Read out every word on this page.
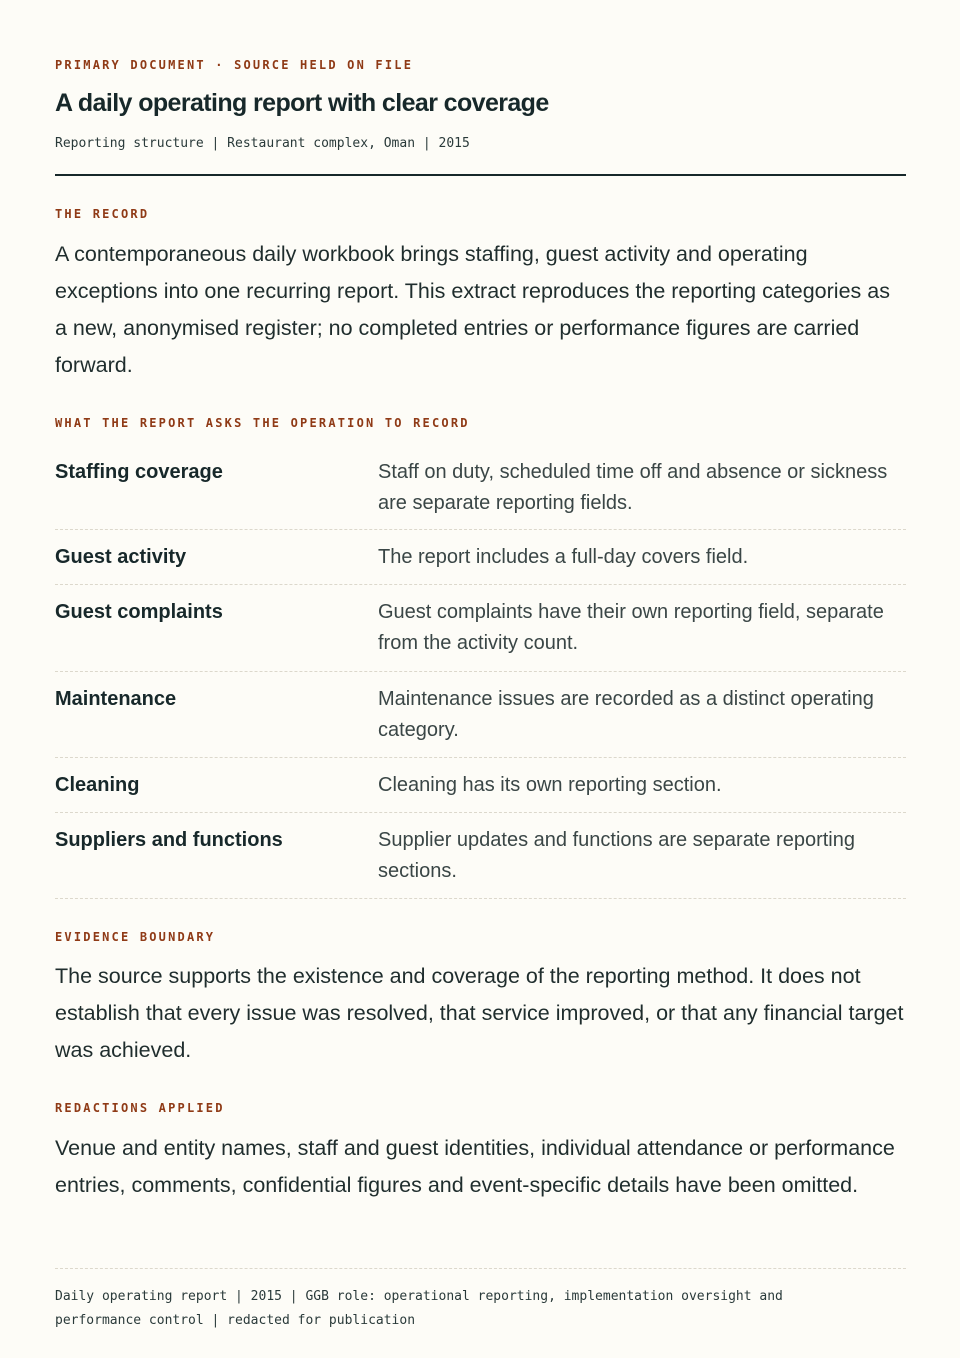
PRIMARY DOCUMENT · SOURCE HELD ON FILE

A daily operating report with clear coverage

Reporting structure | Restaurant complex, Oman | 2015

THE RECORD

A contemporaneous daily workbook brings staffing, guest activity and operating exceptions into one recurring report. This extract reproduces the reporting categories as a new, anonymised register; no completed entries or performance figures are carried forward.

WHAT THE REPORT ASKS THE OPERATION TO RECORD

Staffing coverage	Staff on duty, scheduled time off and absence or sickness are separate reporting fields.
Guest activity	The report includes a full-day covers field.
Guest complaints	Guest complaints have their own reporting field, separate from the activity count.
Maintenance	Maintenance issues are recorded as a distinct operating category.
Cleaning	Cleaning has its own reporting section.
Suppliers and functions	Supplier updates and functions are separate reporting sections.

EVIDENCE BOUNDARY

The source supports the existence and coverage of the reporting method. It does not establish that every issue was resolved, that service improved, or that any financial target was achieved.

REDACTIONS APPLIED

Venue and entity names, staff and guest identities, individual attendance or performance entries, comments, confidential figures and event-specific details have been omitted.

Daily operating report | 2015 | GGB role: operational reporting, implementation oversight and performance control | redacted for publication
